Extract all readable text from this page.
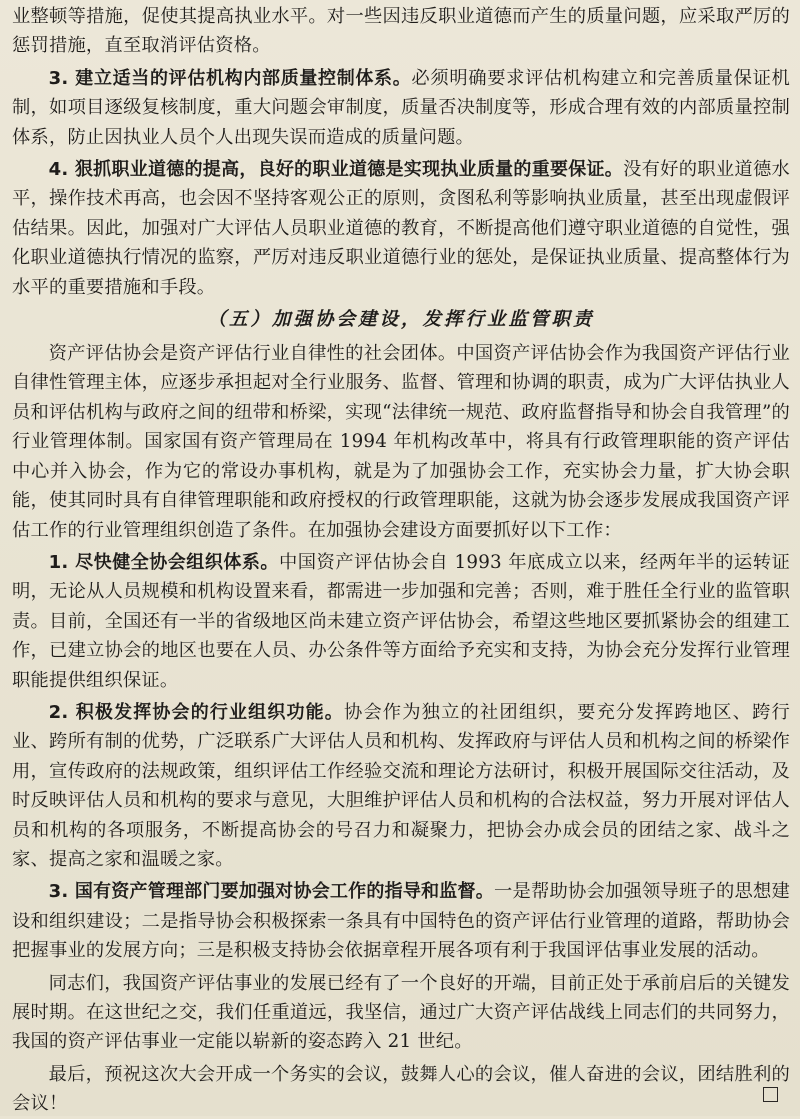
业整顿等措施，促使其提高执业水平。对一些因违反职业道德而产生的质量问题，应采取严厉的惩罚措施，直至取消评估资格。

3. 建立适当的评估机构内部质量控制体系。必须明确要求评估机构建立和完善质量保证机制，如项目逐级复核制度，重大问题会审制度，质量否决制度等，形成合理有效的内部质量控制体系，防止因执业人员个人出现失误而造成的质量问题。

4. 狠抓职业道德的提高，良好的职业道德是实现执业质量的重要保证。没有好的职业道德水平，操作技术再高，也会因不坚持客观公正的原则，贪图私利等影响执业质量，甚至出现虚假评估结果。因此，加强对广大评估人员职业道德的教育，不断提高他们遵守职业道德的自觉性，强化职业道德执行情况的监察，严厉对违反职业道德行业的惩处，是保证执业质量、提高整体行为水平的重要措施和手段。

（五）加强协会建设，发挥行业监管职责

资产评估协会是资产评估行业自律性的社会团体。中国资产评估协会作为我国资产评估行业自律性管理主体，应逐步承担起对全行业服务、监督、管理和协调的职责，成为广大评估执业人员和评估机构与政府之间的纽带和桥梁，实现“法律统一规范、政府监督指导和协会自我管理”的行业管理体制。国家国有资产管理局在 1994 年机构改革中，将具有行政管理职能的资产评估中心并入协会，作为它的常设办事机构，就是为了加强协会工作，充实协会力量，扩大协会职能，使其同时具有自律管理职能和政府授权的行政管理职能，这就为协会逐步发展成我国资产评估工作的行业管理组织创造了条件。在加强协会建设方面要抓好以下工作：

1. 尽快健全协会组织体系。中国资产评估协会自 1993 年底成立以来，经两年半的运转证明，无论从人员规模和机构设置来看，都需进一步加强和完善；否则，难于胜任全行业的监管职责。目前，全国还有一半的省级地区尚未建立资产评估协会，希望这些地区要抓紧协会的组建工作，已建立协会的地区也要在人员、办公条件等方面给予充实和支持，为协会充分发挥行业管理职能提供组织保证。

2. 积极发挥协会的行业组织功能。协会作为独立的社团组织，要充分发挥跨地区、跨行业、跨所有制的优势，广泛联系广大评估人员和机构、发挥政府与评估人员和机构之间的桥梁作用，宣传政府的法规政策，组织评估工作经验交流和理论方法研讨，积极开展国际交往活动，及时反映评估人员和机构的要求与意见，大胆维护评估人员和机构的合法权益，努力开展对评估人员和机构的各项服务，不断提高协会的号召力和凝聚力，把协会办成会员的团结之家、战斗之家、提高之家和温暖之家。

3. 国有资产管理部门要加强对协会工作的指导和监督。一是帮助协会加强领导班子的思想建设和组织建设；二是指导协会积极探索一条具有中国特色的资产评估行业管理的道路，帮助协会把握事业的发展方向；三是积极支持协会依据章程开展各项有利于我国评估事业发展的活动。

同志们，我国资产评估事业的发展已经有了一个良好的开端，目前正处于承前启后的关键发展时期。在这世纪之交，我们任重道远，我坚信，通过广大资产评估战线上同志们的共同努力，我国的资产评估事业一定能以崭新的姿态跨入 21 世纪。

最后，预祝这次大会开成一个务实的会议，鼓舞人心的会议，催人奋进的会议，团结胜利的会议！
